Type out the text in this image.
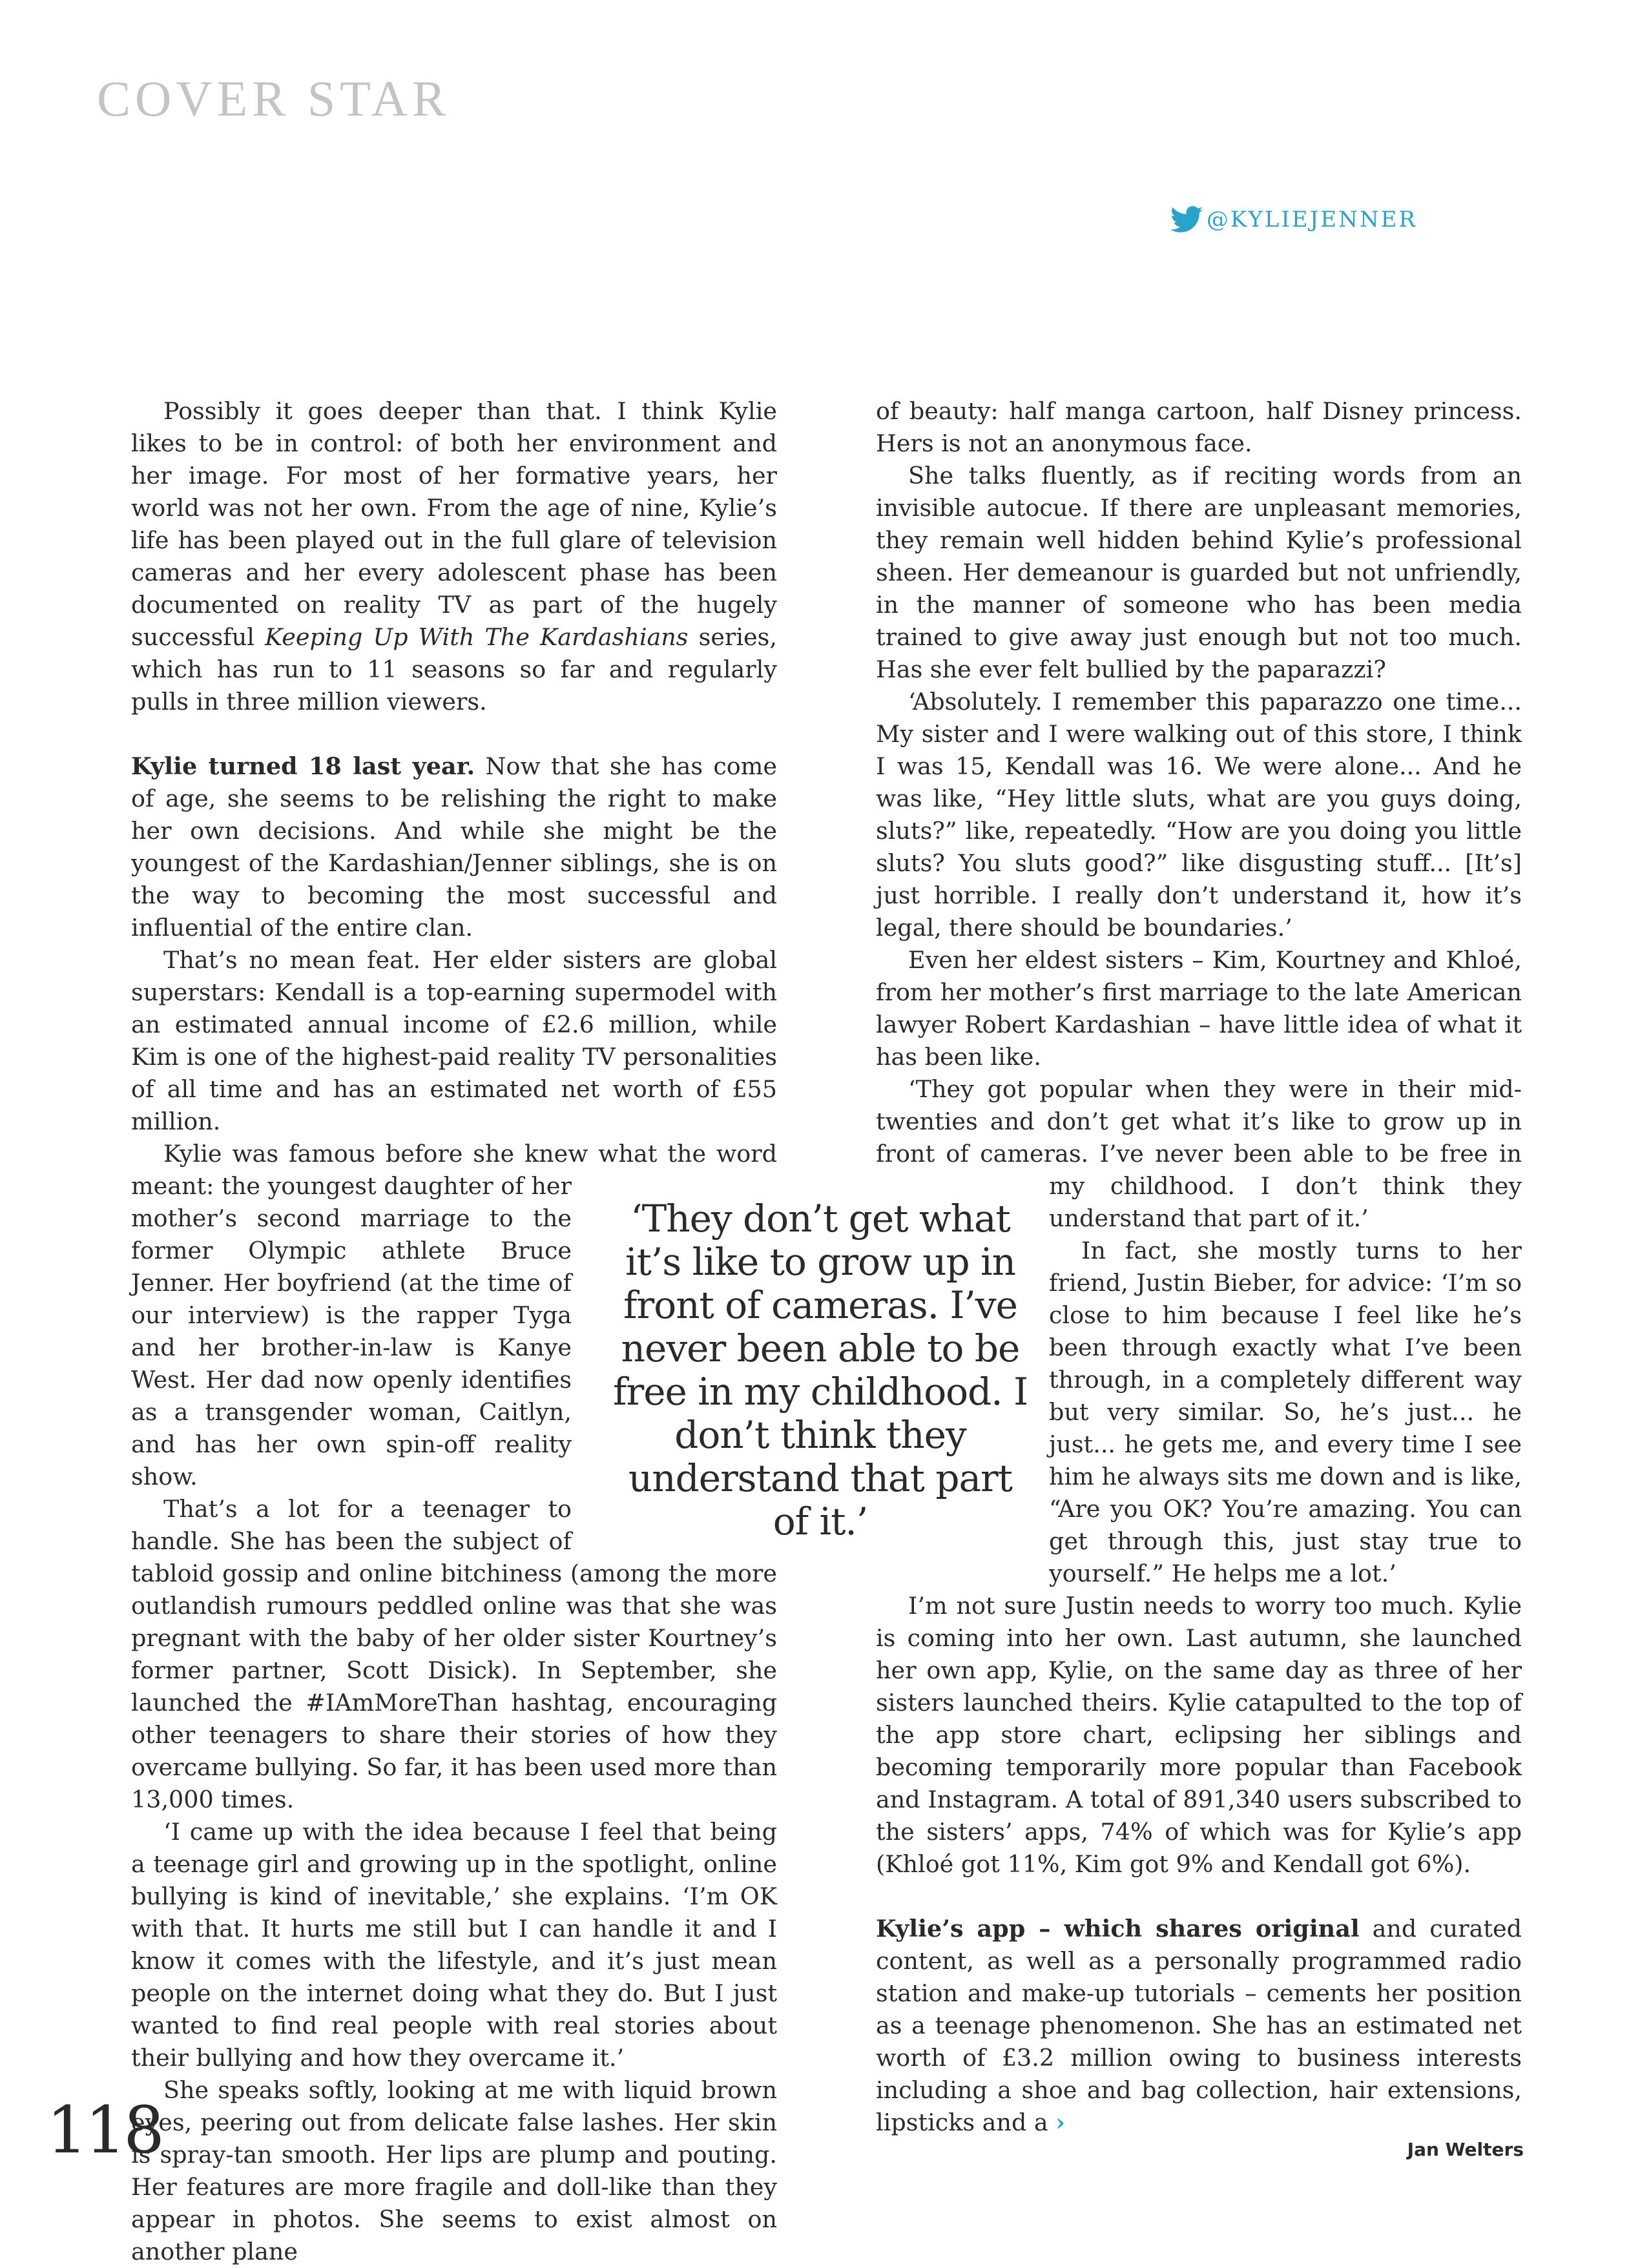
COVER STAR
@KYLIEJENNER

Possibly it goes deeper than that. I think Kylie likes to be in control: of both her environment and her image. For most of her formative years, her world was not her own. From the age of nine, Kylie’s life has been played out in the full glare of television cameras and her every adolescent phase has been documented on reality TV as part of the hugely successful Keeping Up With The Kardashians series, which has run to 11 seasons so far and regularly pulls in three million viewers.

Kylie turned 18 last year. Now that she has come of age, she seems to be relishing the right to make her own decisions. And while she might be the youngest of the Kardashian/Jenner siblings, she is on the way to becoming the most successful and influential of the entire clan.

That’s no mean feat. Her elder sisters are global superstars: Kendall is a top-earning supermodel with an estimated annual income of £2.6 million, while Kim is one of the highest-paid reality TV personalities of all time and has an estimated net worth of £55 million.

Kylie was famous before she knew what the word meant: the youngest daughter of her mother’s second marriage to the former Olympic athlete Bruce Jenner. Her boyfriend (at the time of our interview) is the rapper Tyga and her brother-in-law is Kanye West. Her dad now openly identifies as a transgender woman, Caitlyn, and has her own spin-off reality show.

That’s a lot for a teenager to handle. She has been the subject of tabloid gossip and online bitchiness (among the more outlandish rumours peddled online was that she was pregnant with the baby of her older sister Kourtney’s former partner, Scott Disick). In September, she launched the #IAmMoreThan hashtag, encouraging other teenagers to share their stories of how they overcame bullying. So far, it has been used more than 13,000 times.

‘I came up with the idea because I feel that being a teenage girl and growing up in the spotlight, online bullying is kind of inevitable,’ she explains. ‘I’m OK with that. It hurts me still but I can handle it and I know it comes with the lifestyle, and it’s just mean people on the internet doing what they do. But I just wanted to find real people with real stories about their bullying and how they overcame it.’

She speaks softly, looking at me with liquid brown eyes, peering out from delicate false lashes. Her skin is spray-tan smooth. Her lips are plump and pouting. Her features are more fragile and doll-like than they appear in photos. She seems to exist almost on another plane

of beauty: half manga cartoon, half Disney princess. Hers is not an anonymous face.

She talks fluently, as if reciting words from an invisible autocue. If there are unpleasant memories, they remain well hidden behind Kylie’s professional sheen. Her demeanour is guarded but not unfriendly, in the manner of someone who has been media trained to give away just enough but not too much. Has she ever felt bullied by the paparazzi?

‘Absolutely. I remember this paparazzo one time... My sister and I were walking out of this store, I think I was 15, Kendall was 16. We were alone... And he was like, “Hey little sluts, what are you guys doing, sluts?” like, repeatedly. “How are you doing you little sluts? You sluts good?” like disgusting stuff... [It’s] just horrible. I really don’t understand it, how it’s legal, there should be boundaries.’

Even her eldest sisters – Kim, Kourtney and Khloé, from her mother’s first marriage to the late American lawyer Robert Kardashian – have little idea of what it has been like.

‘They got popular when they were in their mid-twenties and don’t get what it’s like to grow up in front of cameras. I’ve never been able to be free in my childhood. I don’t think they understand that part of it.’

In fact, she mostly turns to her friend, Justin Bieber, for advice: ‘I’m so close to him because I feel like he’s been through exactly what I’ve been through, in a completely different way but very similar. So, he’s just... he just... he gets me, and every time I see him he always sits me down and is like, “Are you OK? You’re amazing. You can get through this, just stay true to yourself.” He helps me a lot.’

I’m not sure Justin needs to worry too much. Kylie is coming into her own. Last autumn, she launched her own app, Kylie, on the same day as three of her sisters launched theirs. Kylie catapulted to the top of the app store chart, eclipsing her siblings and becoming temporarily more popular than Facebook and Instagram. A total of 891,340 users subscribed to the sisters’ apps, 74% of which was for Kylie’s app (Khloé got 11%, Kim got 9% and Kendall got 6%).

Kylie’s app – which shares original and curated content, as well as a personally programmed radio station and make-up tutorials – cements her position as a teenage phenomenon. She has an estimated net worth of £3.2 million owing to business interests including a shoe and bag collection, hair extensions, lipsticks and a ›

‘They don’t get what it’s like to grow up in front of cameras. I’ve never been able to be free in my childhood. I don’t think they understand that part of it.’
118	Jan Welters
